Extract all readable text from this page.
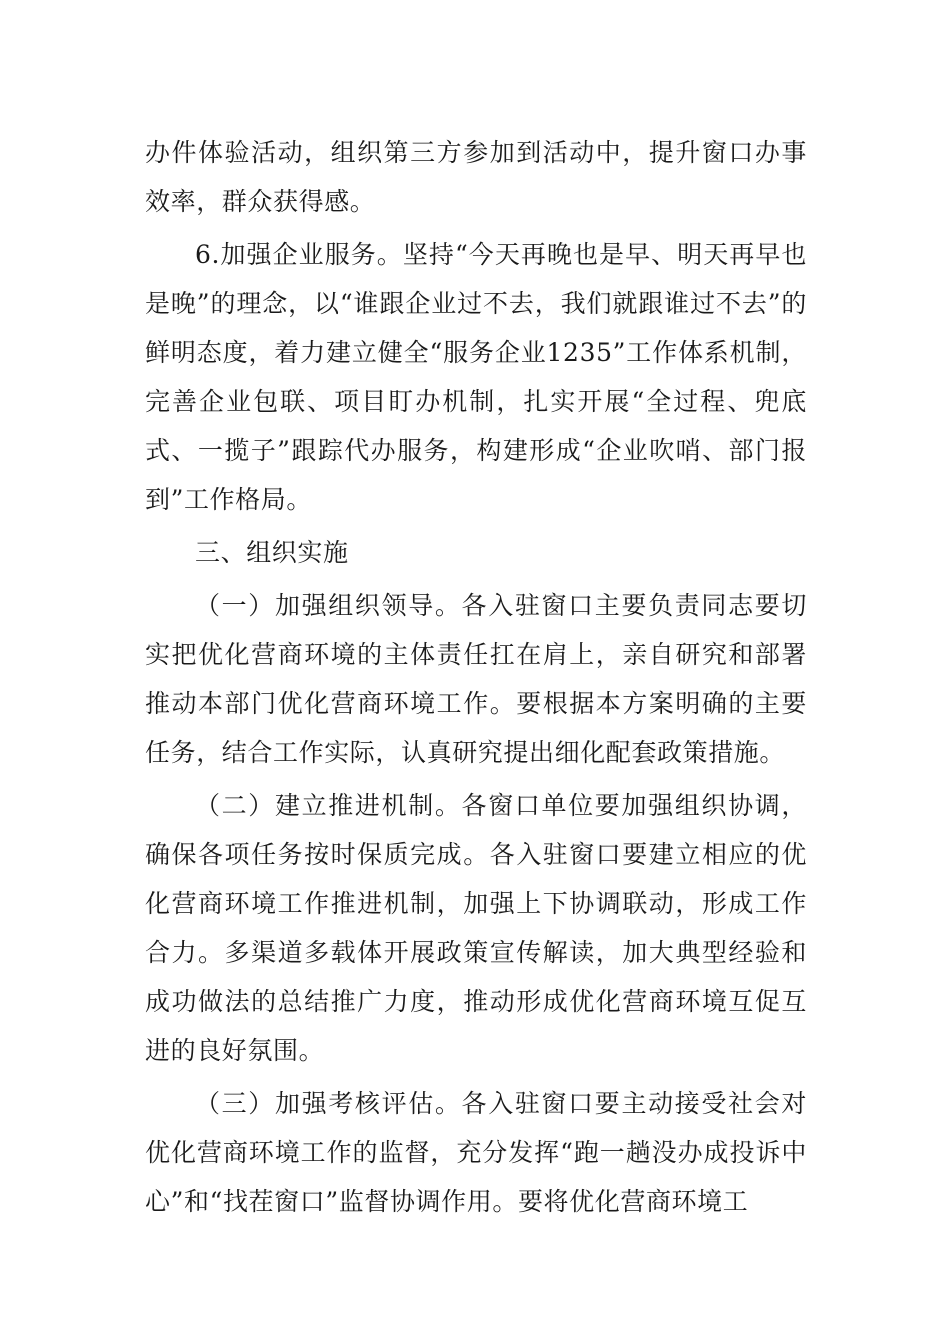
办件体验活动，组织第三方参加到活动中，提升窗口办事效率，群众获得感。

6.加强企业服务。坚持“今天再晚也是早、明天再早也是晚”的理念，以“谁跟企业过不去，我们就跟谁过不去”的鲜明态度，着力建立健全“服务企业1235”工作体系机制，完善企业包联、项目盯办机制，扎实开展“全过程、兜底式、一揽子”跟踪代办服务，构建形成“企业吹哨、部门报到”工作格局。

三、组织实施

（一）加强组织领导。各入驻窗口主要负责同志要切实把优化营商环境的主体责任扛在肩上，亲自研究和部署推动本部门优化营商环境工作。要根据本方案明确的主要任务，结合工作实际，认真研究提出细化配套政策措施。

（二）建立推进机制。各窗口单位要加强组织协调，确保各项任务按时保质完成。各入驻窗口要建立相应的优化营商环境工作推进机制，加强上下协调联动，形成工作合力。多渠道多载体开展政策宣传解读，加大典型经验和成功做法的总结推广力度，推动形成优化营商环境互促互进的良好氛围。

（三）加强考核评估。各入驻窗口要主动接受社会对优化营商环境工作的监督，充分发挥“跑一趟没办成投诉中心”和“找茬窗口”监督协调作用。要将优化营商环境工
